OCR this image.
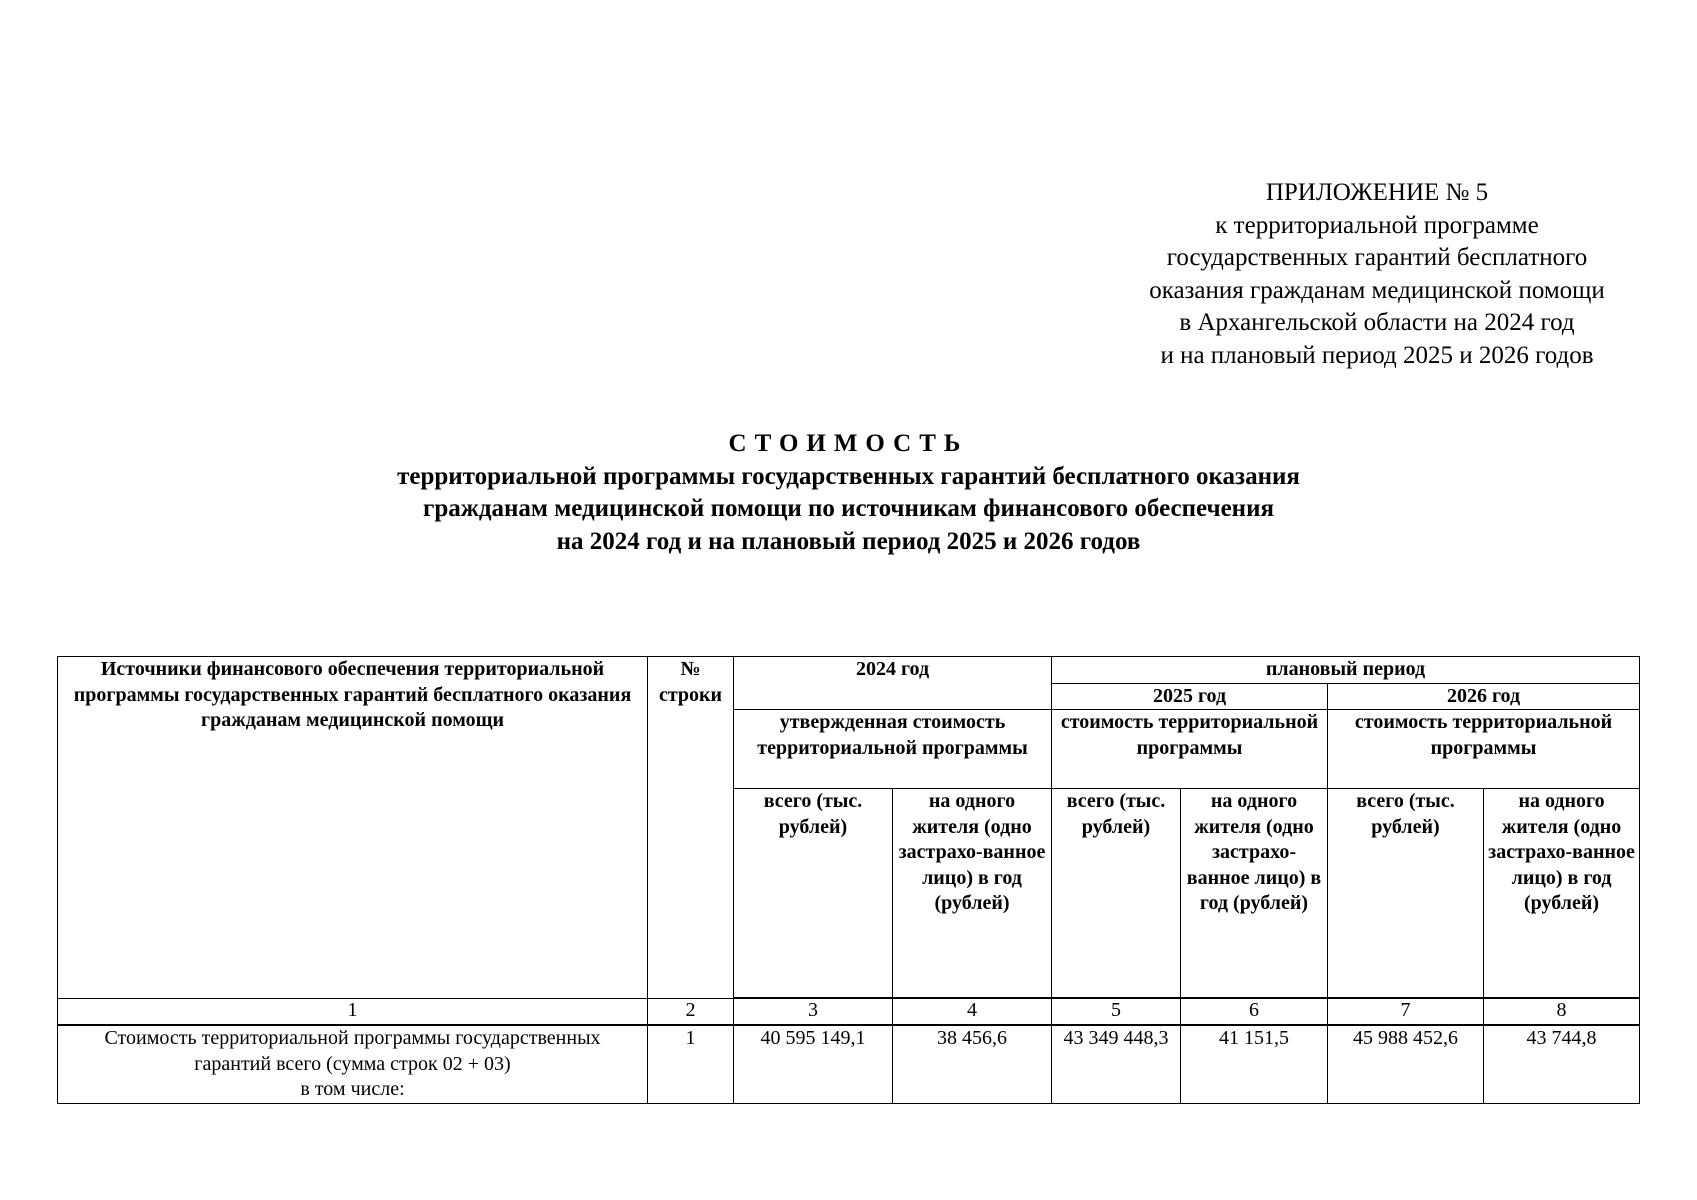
ПРИЛОЖЕНИЕ № 5
к территориальной программе
государственных гарантий бесплатного
оказания гражданам медицинской помощи
в Архангельской области на 2024 год
и на плановый период 2025 и 2026 годов
СТОИМОСТЬ
территориальной программы государственных гарантий бесплатного оказания
гражданам медицинской помощи по источникам финансового обеспечения
на 2024 год и на плановый период 2025 и 2026 годов
Источники финансового обеспечения территориальной программы государственных гарантий бесплатного оказания гражданам медицинской помощи	№ строки	2024 год		плановый период			
				2025 год		2026 год	
		утвержденная стоимость территориальной программы		стоимость территориальной программы		стоимость территориальной программы	
		всего (тыс. рублей)	на одного жителя (одно застрахо-ванное лицо) в год (рублей)	всего (тыс. рублей)	на одного жителя (одно застрахо-ванное лицо) в год (рублей)	всего (тыс. рублей)	на одного жителя (одно застрахо-ванное лицо) в год (рублей)
1	2	3	4	5	6	7	8

Стоимость территориальной программы государственных
гарантий всего (сумма строк 02 + 03)
в том числе:	1	40 595 149,1	38 456,6	43 349 448,3	41 151,5	45 988 452,6	43 744,8
